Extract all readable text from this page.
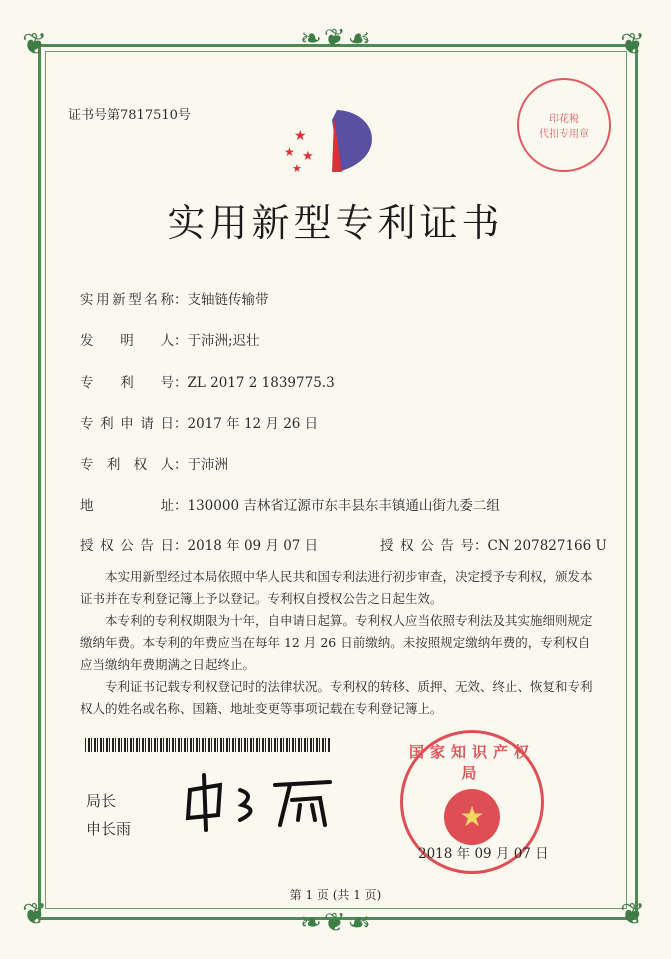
❦	❦
❦	❦
❧❦☙
❧❦☙
证书号第7817510号
★
★ ★
★
实用新型专利证书
实用新型名称：支轴链传输带
发明人：于沛洲;迟壮
专利号：ZL 2017 2 1839775.3
专利申请日：2017 年 12 月 26 日
专利权人：于沛洲
地址：130000 吉林省辽源市东丰县东丰镇通山街九委二组
授权公告日：2018 年 09 月 07 日	授权公告号：CN 207827166 U

本实用新型经过本局依照中华人民共和国专利法进行初步审查，决定授予专利权，颁发本证书并在专利登记簿上予以登记。专利权自授权公告之日起生效。

本专利的专利权期限为十年，自申请日起算。专利权人应当依照专利法及其实施细则规定缴纳年费。本专利的年费应当在每年 12 月 26 日前缴纳。未按照规定缴纳年费的，专利权自应当缴纳年费期满之日起终止。

专利证书记载专利权登记时的法律状况。专利权的转移、质押、无效、终止、恢复和专利权人的姓名或名称、国籍、地址变更等事项记载在专利登记簿上。

局长
申长雨
国家知识产权局
★
2018 年 09 月 07 日
印花税
代扣专用章
第 1 页 (共 1 页)
